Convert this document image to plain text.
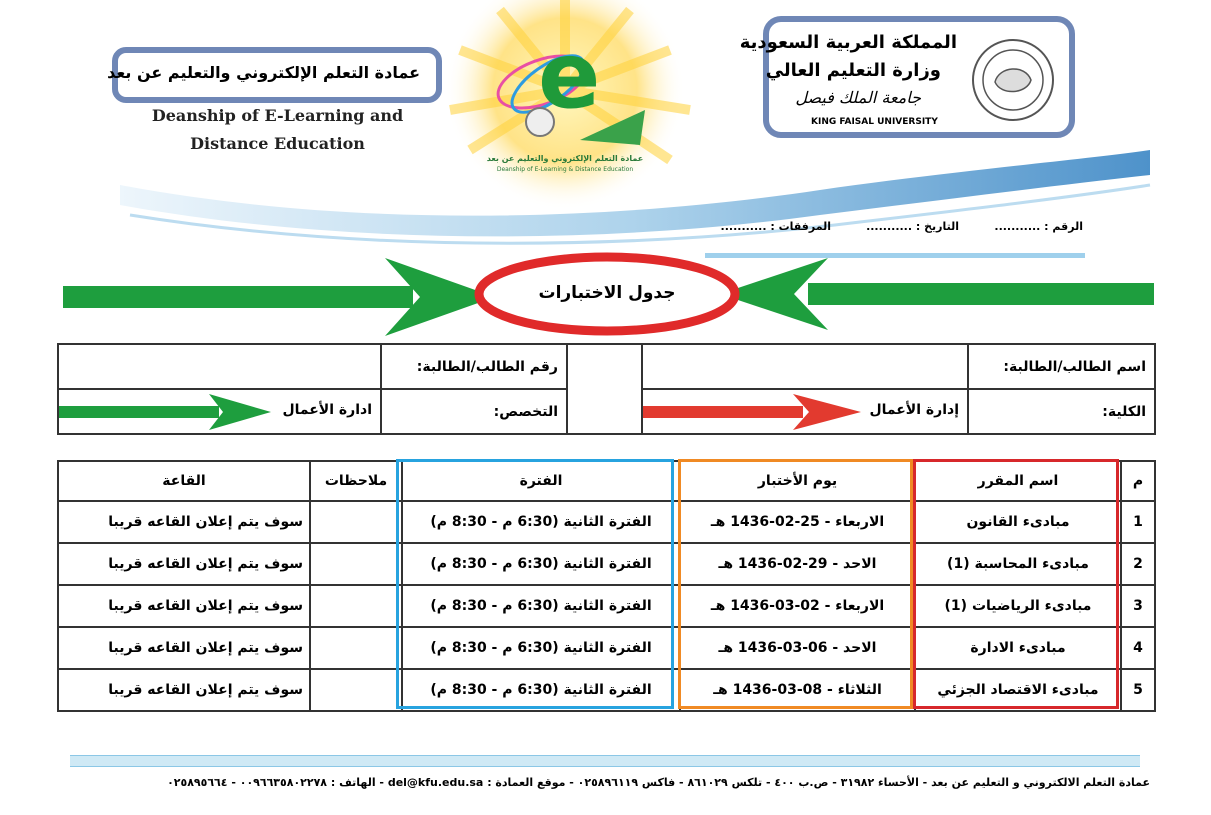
المملكة العربية السعودية
وزارة التعليم العالي
جامعة الملك فيصل
KING FAISAL UNIVERSITY
عمادة التعلم الإلكتروني والتعليم عن بعد
Deanship of E-Learning and
Distance Education
e
عمادة التعلم الإلكتروني والتعليم عن بعد
Deanship of E-Learning & Distance Education
الرقم : ...........
التاريخ : ...........
المرفقات : ...........
جدول الاختبارات
اسم الطالب/الطالبة:			رقم الطالب/الطالبة:	
الكلية:	إدارة الأعمال		التخصص:	ادارة الأعمال
م	اسم المقرر	يوم الأختبار	الفترة	ملاحظات	القاعة
1	مبادىء القانون	الاربعاء - 25-02-1436 هـ	الفترة الثانية (6:30 م - 8:30 م)		سوف يتم إعلان القاعه قريبا
2	مبادىء المحاسبة (1)	الاحد - 29-02-1436 هـ	الفترة الثانية (6:30 م - 8:30 م)		سوف يتم إعلان القاعه قريبا
3	مبادىء الرياضيات (1)	الاربعاء - 02-03-1436 هـ	الفترة الثانية (6:30 م - 8:30 م)		سوف يتم إعلان القاعه قريبا
4	مبادىء الادارة	الاحد - 06-03-1436 هـ	الفترة الثانية (6:30 م - 8:30 م)		سوف يتم إعلان القاعه قريبا
5	مبادىء الاقتصاد الجزئي	الثلاثاء - 08-03-1436 هـ	الفترة الثانية (6:30 م - 8:30 م)		سوف يتم إعلان القاعه قريبا
عمادة التعلم الالكتروني و التعليم عن بعد - الأحساء ٣١٩٨٢ - ص.ب ٤٠٠ - تلكس ٨٦١٠٢٩ - فاكس ٠٢٥٨٩٦١١٩ - موقع العمادة : del@kfu.edu.sa - الهاتف : ٠٠٩٦٦٣٥٨٠٢٢٧٨ - ٠٢٥٨٩٥٦٦٤
